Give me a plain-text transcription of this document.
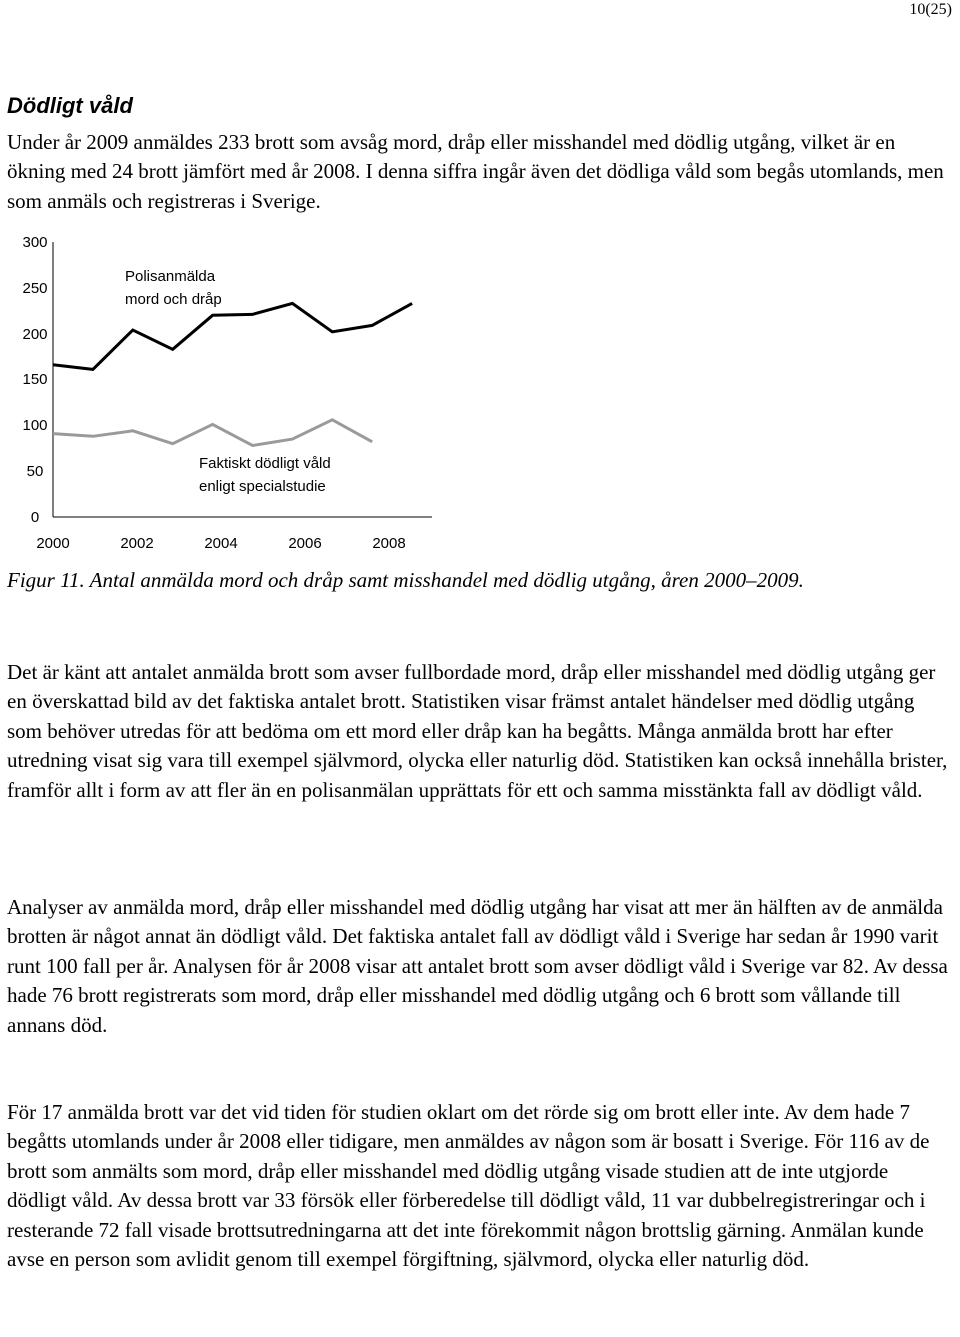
10(25)
Dödligt våld

Under år 2009 anmäldes 233 brott som avsåg mord, dråp eller misshandel med dödlig utgång, vilket är en ökning med 24 brott jämfört med år 2008. I denna siffra ingår även det dödliga våld som begås utomlands, men som anmäls och registreras i Sverige.

0
50
100
150
200
250
300
2000	2002	2004	2006	2008
Polisanmälda
mord och dråp
Faktiskt dödligt våld
enligt specialstudie

Figur 11. Antal anmälda mord och dråp samt misshandel med dödlig utgång, åren 2000–2009.

Det är känt att antalet anmälda brott som avser fullbordade mord, dråp eller misshandel med dödlig utgång ger en överskattad bild av det faktiska antalet brott. Statistiken visar främst antalet händelser med dödlig utgång som behöver utredas för att bedöma om ett mord eller dråp kan ha begåtts. Många anmälda brott har efter utredning visat sig vara till exempel självmord, olycka eller naturlig död. Statistiken kan också innehålla brister, framför allt i form av att fler än en polisanmälan upprättats för ett och samma misstänkta fall av dödligt våld.

Analyser av anmälda mord, dråp eller misshandel med dödlig utgång har visat att mer än hälften av de anmälda brotten är något annat än dödligt våld. Det faktiska antalet fall av dödligt våld i Sverige har sedan år 1990 varit runt 100 fall per år. Analysen för år 2008 visar att antalet brott som avser dödligt våld i Sverige var 82. Av dessa hade 76 brott registrerats som mord, dråp eller misshandel med dödlig utgång och 6 brott som vållande till annans död.

För 17 anmälda brott var det vid tiden för studien oklart om det rörde sig om brott eller inte. Av dem hade 7 begåtts utomlands under år 2008 eller tidigare, men anmäldes av någon som är bosatt i Sverige. För 116 av de brott som anmälts som mord, dråp eller misshandel med dödlig utgång visade studien att de inte utgjorde dödligt våld. Av dessa brott var 33 försök eller förberedelse till dödligt våld, 11 var dubbelregistreringar och i resterande 72 fall visade brottsutredningarna att det inte förekommit någon brottslig gärning. Anmälan kunde avse en person som avlidit genom till exempel förgiftning, självmord, olycka eller naturlig död.
